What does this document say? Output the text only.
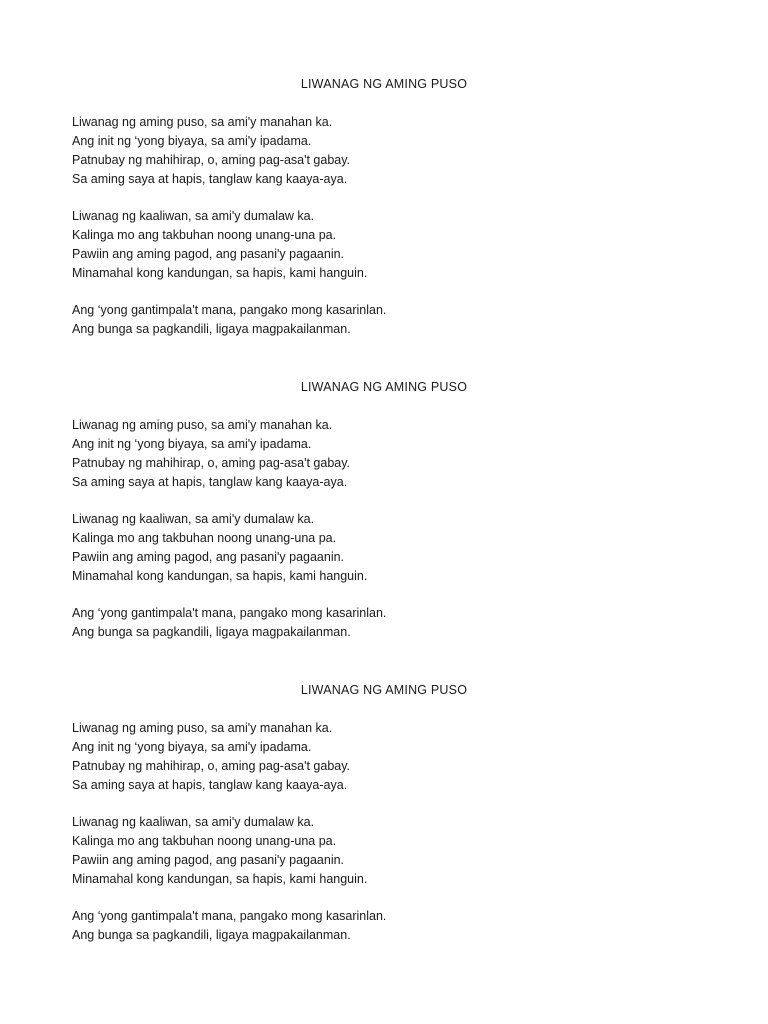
LIWANAG NG AMING PUSO
Liwanag ng aming puso, sa ami'y manahan ka.
Ang init ng ‘yong biyaya, sa ami'y ipadama.
Patnubay ng mahihirap, o, aming pag-asa't gabay.
Sa aming saya at hapis, tanglaw kang kaaya-aya.
Liwanag ng kaaliwan, sa ami'y dumalaw ka.
Kalinga mo ang takbuhan noong unang-una pa.
Pawiin ang aming pagod, ang pasani'y pagaanin.
Minamahal kong kandungan, sa hapis, kami hanguin.
Ang ‘yong gantimpala't mana, pangako mong kasarinlan.
Ang bunga sa pagkandili, ligaya magpakailanman.
LIWANAG NG AMING PUSO
Liwanag ng aming puso, sa ami'y manahan ka.
Ang init ng ‘yong biyaya, sa ami'y ipadama.
Patnubay ng mahihirap, o, aming pag-asa't gabay.
Sa aming saya at hapis, tanglaw kang kaaya-aya.
Liwanag ng kaaliwan, sa ami'y dumalaw ka.
Kalinga mo ang takbuhan noong unang-una pa.
Pawiin ang aming pagod, ang pasani'y pagaanin.
Minamahal kong kandungan, sa hapis, kami hanguin.
Ang ‘yong gantimpala't mana, pangako mong kasarinlan.
Ang bunga sa pagkandili, ligaya magpakailanman.
LIWANAG NG AMING PUSO
Liwanag ng aming puso, sa ami'y manahan ka.
Ang init ng ‘yong biyaya, sa ami'y ipadama.
Patnubay ng mahihirap, o, aming pag-asa't gabay.
Sa aming saya at hapis, tanglaw kang kaaya-aya.
Liwanag ng kaaliwan, sa ami'y dumalaw ka.
Kalinga mo ang takbuhan noong unang-una pa.
Pawiin ang aming pagod, ang pasani'y pagaanin.
Minamahal kong kandungan, sa hapis, kami hanguin.
Ang ‘yong gantimpala't mana, pangako mong kasarinlan.
Ang bunga sa pagkandili, ligaya magpakailanman.
